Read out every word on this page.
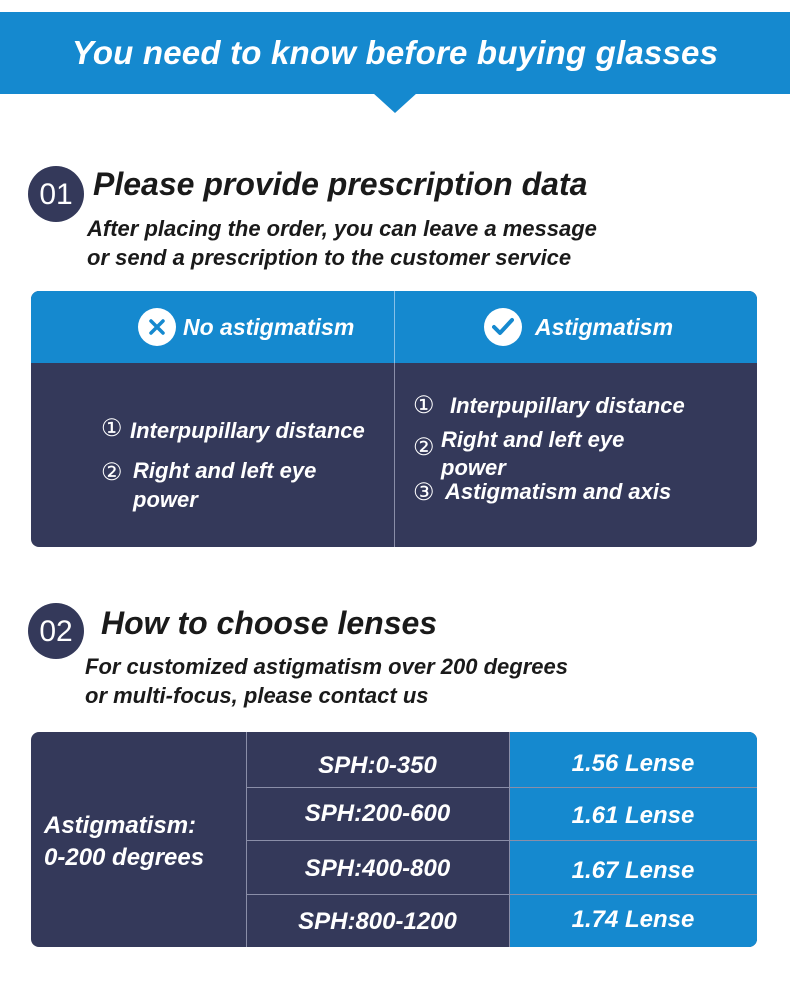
You need to know before buying glasses
01 Please provide prescription data
After placing the order, you can leave a message
or send a prescription to the customer service
No astigmatism	Astigmatism
① Interpupillary distance
② Right and left eye
power
① Interpupillary distance
② Right and left eye
power
③ Astigmatism and axis
02 How to choose lenses
For customized astigmatism over 200 degrees
or multi-focus, please contact us
Astigmatism:
0-200 degrees
SPH:0-350	1.56 Lense
SPH:200-600	1.61 Lense
SPH:400-800	1.67 Lense
SPH:800-1200	1.74 Lense
